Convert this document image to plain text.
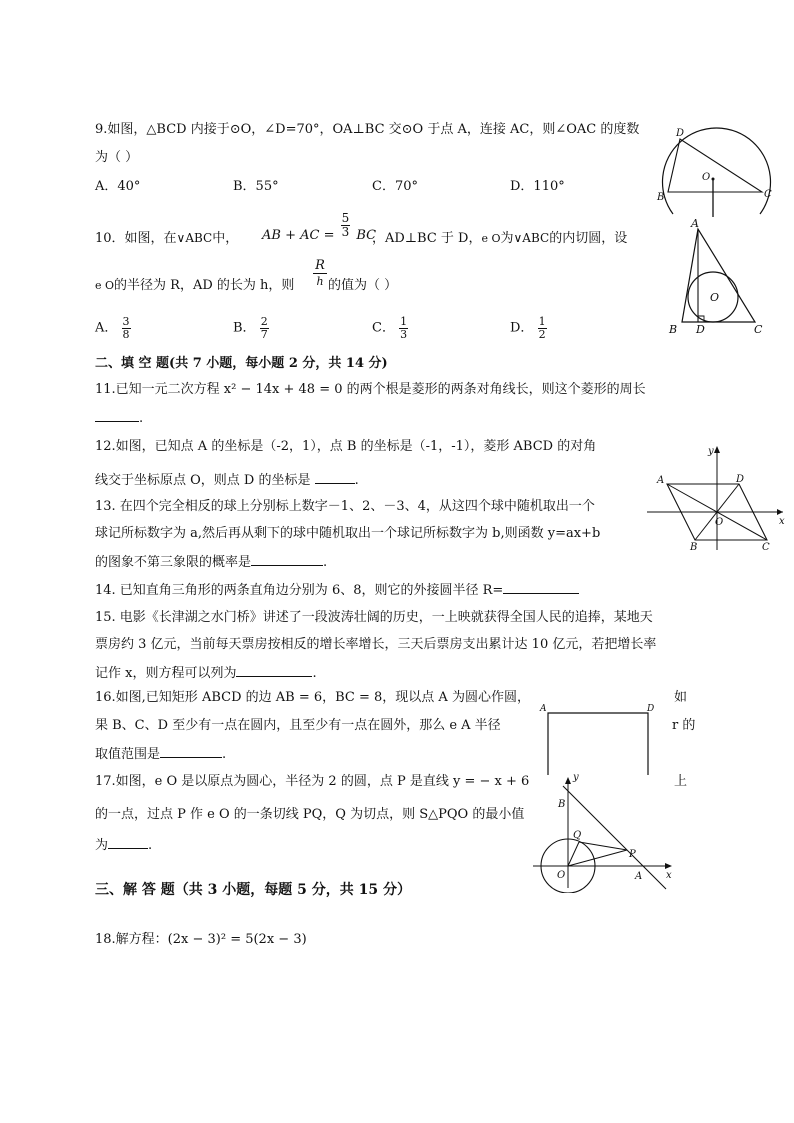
9.如图，△BCD 内接于⊙O，∠D=70°，OA⊥BC 交⊙O 于点 A，连接 AC，则∠OAC 的度数
为（ ）
A．40°	B．55°	C．70°	D．110°
D
O
B	C
10．如图，在∨ABC中， AB + AC = $\frac{5}{3}$ BC
，AD⊥BC 于 D，e O为∨ABC的内切圆，设
e O的半径为 R，AD 的长为 h，则
R
h 的值为（ ）
A． $\frac{3}{8}$	B． $\frac{2}{7}$	C． $\frac{1}{3}$	D． $\frac{1}{2}$
A
O
B D	C
二、填 空 题(共 7 小题，每小题 2 分，共 14 分)
11.已知一元二次方程 x² − 14x + 48 = 0 的两个根是菱形的两条对角线长，则这个菱形的周长
.
12.如图，已知点 A 的坐标是（-2，1），点 B 的坐标是（-1，-1），菱形 ABCD 的对角
线交于坐标原点 O，则点 D 的坐标是	.
y
x
A	D
O
B	C
13. 在四个完全相反的球上分别标上数字－1、2、－3、4，从这四个球中随机取出一个
球记所标数字为 a,然后再从剩下的球中随机取出一个球记所标数字为 b,则函数 y=ax+b
的图象不第三象限的概率是	.
14. 已知直角三角形的两条直角边分别为 6、8，则它的外接圆半径 R=
15. 电影《长津湖之水门桥》讲述了一段波涛壮阔的历史，一上映就获得全国人民的追捧，某地天
票房约 3 亿元，当前每天票房按相反的增长率增长，三天后票房支出累计达 10 亿元，若把增长率
记作 x，则方程可以列为	.
16.如图,已知矩形 ABCD 的边 AB = 6，BC = 8，现以点 A 为圆心作圆，	如
果 B、C、D 至少有一点在圆内，且至少有一点在圆外，那么 e A 半径	r 的
取值范围是	.
A	D
17.如图，e O 是以原点为圆心，半径为 2 的圆，点 P 是直线 y = − x + 6	上
的一点，过点 P 作 e O 的一条切线 PQ，Q 为切点，则 S△PQO 的最小值
为	.
y
B
Q
P
O	A x
三、解 答 题（共 3 小题，每题 5 分，共 15 分）
18.解方程：(2x − 3)² = 5(2x − 3)
